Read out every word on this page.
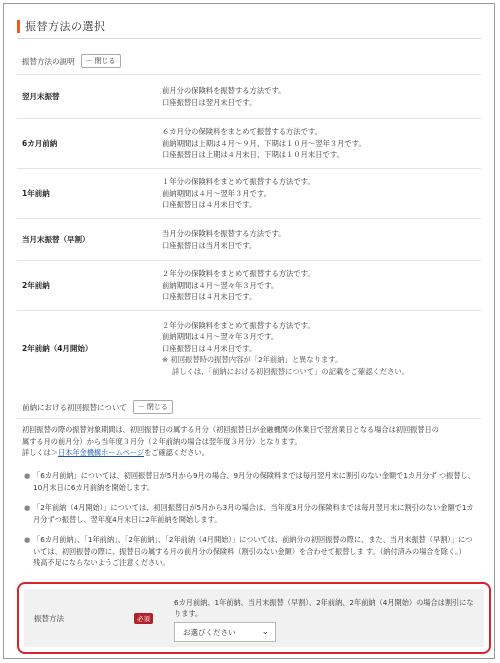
振替方法の選択
振替方法の説明 － 閉じる
翌月末振替
前月分の保険料を振替する方法です。
口座振替日は翌月末日です。
6カ月前納
６カ月分の保険料をまとめて振替する方法です。
前納期間は上期は４月～９月、下期は１０月～翌年３月です。
口座振替日は上期は４月末日、下期は１０月末日です。
1年前納
１年分の保険料をまとめて振替する方法です。
前納期間は４月～翌年３月です。
口座振替日は４月末日です。
当月末振替（早割）
当月分の保険料を振替する方法です。
口座振替日は当月末日です。
2年前納
２年分の保険料をまとめて振替する方法です。
前納期間は４月～翌々年３月です。
口座振替日は４月末日です。
2年前納（4月開始）
２年分の保険料をまとめて振替する方法です。
前納期間は４月～翌々年３月です。
口座振替日は４月末日です。
※ 初回振替時の振替内容が「2年前納」と異なります。
詳しくは、「前納における初回振替について」の記載をご確認ください。
前納における初回振替について － 閉じる
初回振替の際の振替対象期間は、初回振替日の属する月分（初回振替日が金融機関の休業日で翌営業日となる場合は初回振替日の
属する月の前月分）から当年度３月分（２年前納の場合は翌年度３月分）となります。
詳しくは＞日本年金機構ホームページをご確認ください。
● 「6カ月前納」については、初回振替日が5月から9月の場合、9月分の保険料までは毎月翌月末に割引のない金額で1カ月分ず つ振替し、10月末日に6カ月前納を開始します。
● 「2年前納（4月開始）」については、初回振替日が5月から3月の場合は、当年度3月分の保険料までは毎月翌月末に割引のない金額で1カ月分ずつ振替し、翌年度4月末日に2年前納を開始します。
● 「6カ月前納」、「1年前納」、「2年前納」、「2年前納（4月開始）」については、前納分の初回振替の際に、また、当月末振替（早割）」については、初回振替の際に、振替日の属する月の前月分の保険料（割引のない金額）を合わせて振替しま す。（納付済みの場合を除く。）
残高不足にならないようご注意ください。
振替方法	必須
6カ月前納、1年前納、当月末振替（早割）、2年前納、2年前納（4月開始）の場合は割引になります。
お選びください	⌄
